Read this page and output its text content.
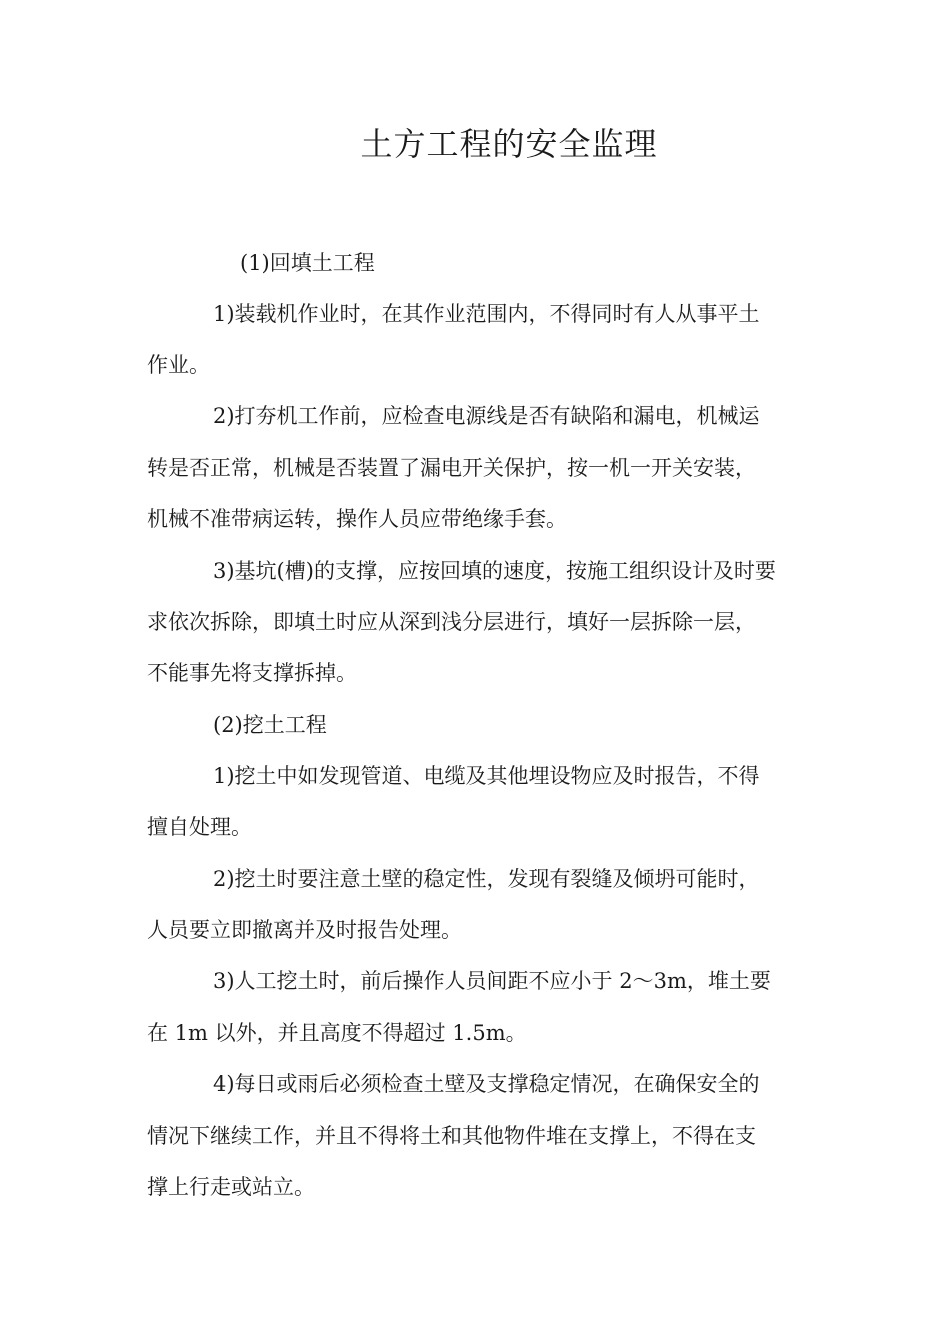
土方工程的安全监理
(1)回填土工程
1)装载机作业时，在其作业范围内，不得同时有人从事平土
作业。
2)打夯机工作前，应检查电源线是否有缺陷和漏电，机械运
转是否正常，机械是否装置了漏电开关保护，按一机一开关安装，
机械不准带病运转，操作人员应带绝缘手套。
3)基坑(槽)的支撑，应按回填的速度，按施工组织设计及时要
求依次拆除，即填土时应从深到浅分层进行，填好一层拆除一层，
不能事先将支撑拆掉。
(2)挖土工程
1)挖土中如发现管道、电缆及其他埋设物应及时报告，不得
擅自处理。
2)挖土时要注意土壁的稳定性，发现有裂缝及倾坍可能时，
人员要立即撤离并及时报告处理。
3)人工挖土时，前后操作人员间距不应小于 2～3m，堆土要
在 1m 以外，并且高度不得超过 1.5m。
4)每日或雨后必须检查土壁及支撑稳定情况，在确保安全的
情况下继续工作，并且不得将土和其他物件堆在支撑上，不得在支
撑上行走或站立。
